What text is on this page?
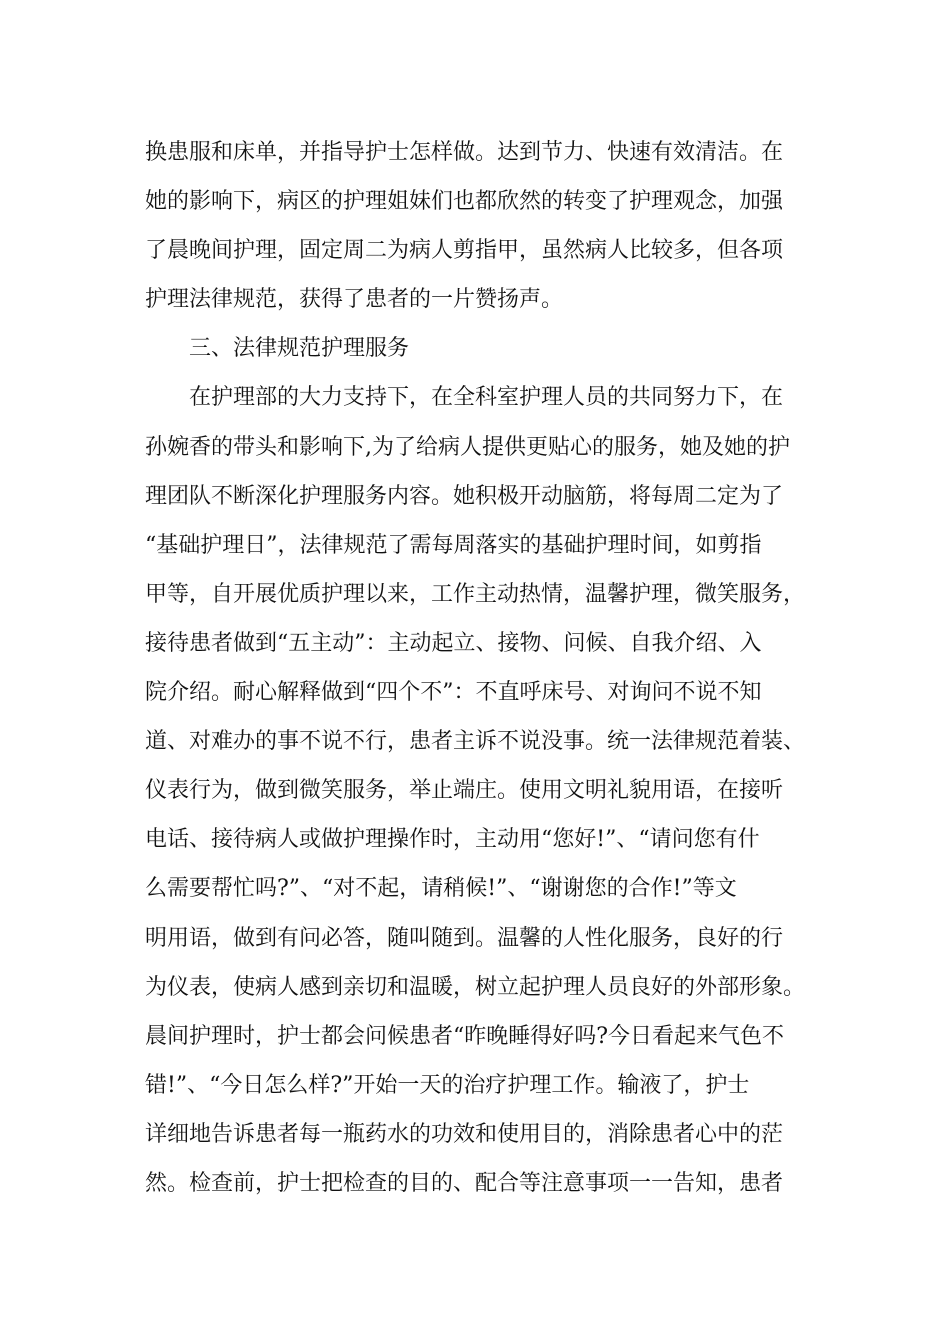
换患服和床单，并指导护士怎样做。达到节力、快速有效清洁。在
她的影响下，病区的护理姐妹们也都欣然的转变了护理观念，加强
了晨晚间护理，固定周二为病人剪指甲，虽然病人比较多，但各项
护理法律规范，获得了患者的一片赞扬声。
三、法律规范护理服务
在护理部的大力支持下，在全科室护理人员的共同努力下，在
孙婉香的带头和影响下,为了给病人提供更贴心的服务，她及她的护
理团队不断深化护理服务内容。她积极开动脑筋，将每周二定为了
“基础护理日”，法律规范了需每周落实的基础护理时间，如剪指
甲等，自开展优质护理以来，工作主动热情，温馨护理，微笑服务，
接待患者做到“五主动”：主动起立、接物、问候、自我介绍、入
院介绍。耐心解释做到“四个不”：不直呼床号、对询问不说不知
道、对难办的事不说不行，患者主诉不说没事。统一法律规范着装、
仪表行为，做到微笑服务，举止端庄。使用文明礼貌用语，在接听
电话、接待病人或做护理操作时，主动用“您好!”、“请问您有什
么需要帮忙吗?”、“对不起，请稍候!”、“谢谢您的合作!”等文
明用语，做到有问必答，随叫随到。温馨的人性化服务，良好的行
为仪表，使病人感到亲切和温暖，树立起护理人员良好的外部形象。
晨间护理时，护士都会问候患者“昨晚睡得好吗?今日看起来气色不
错!”、“今日怎么样?”开始一天的治疗护理工作。输液了，护士
详细地告诉患者每一瓶药水的功效和使用目的，消除患者心中的茫
然。检查前，护士把检查的目的、配合等注意事项一一告知，患者
